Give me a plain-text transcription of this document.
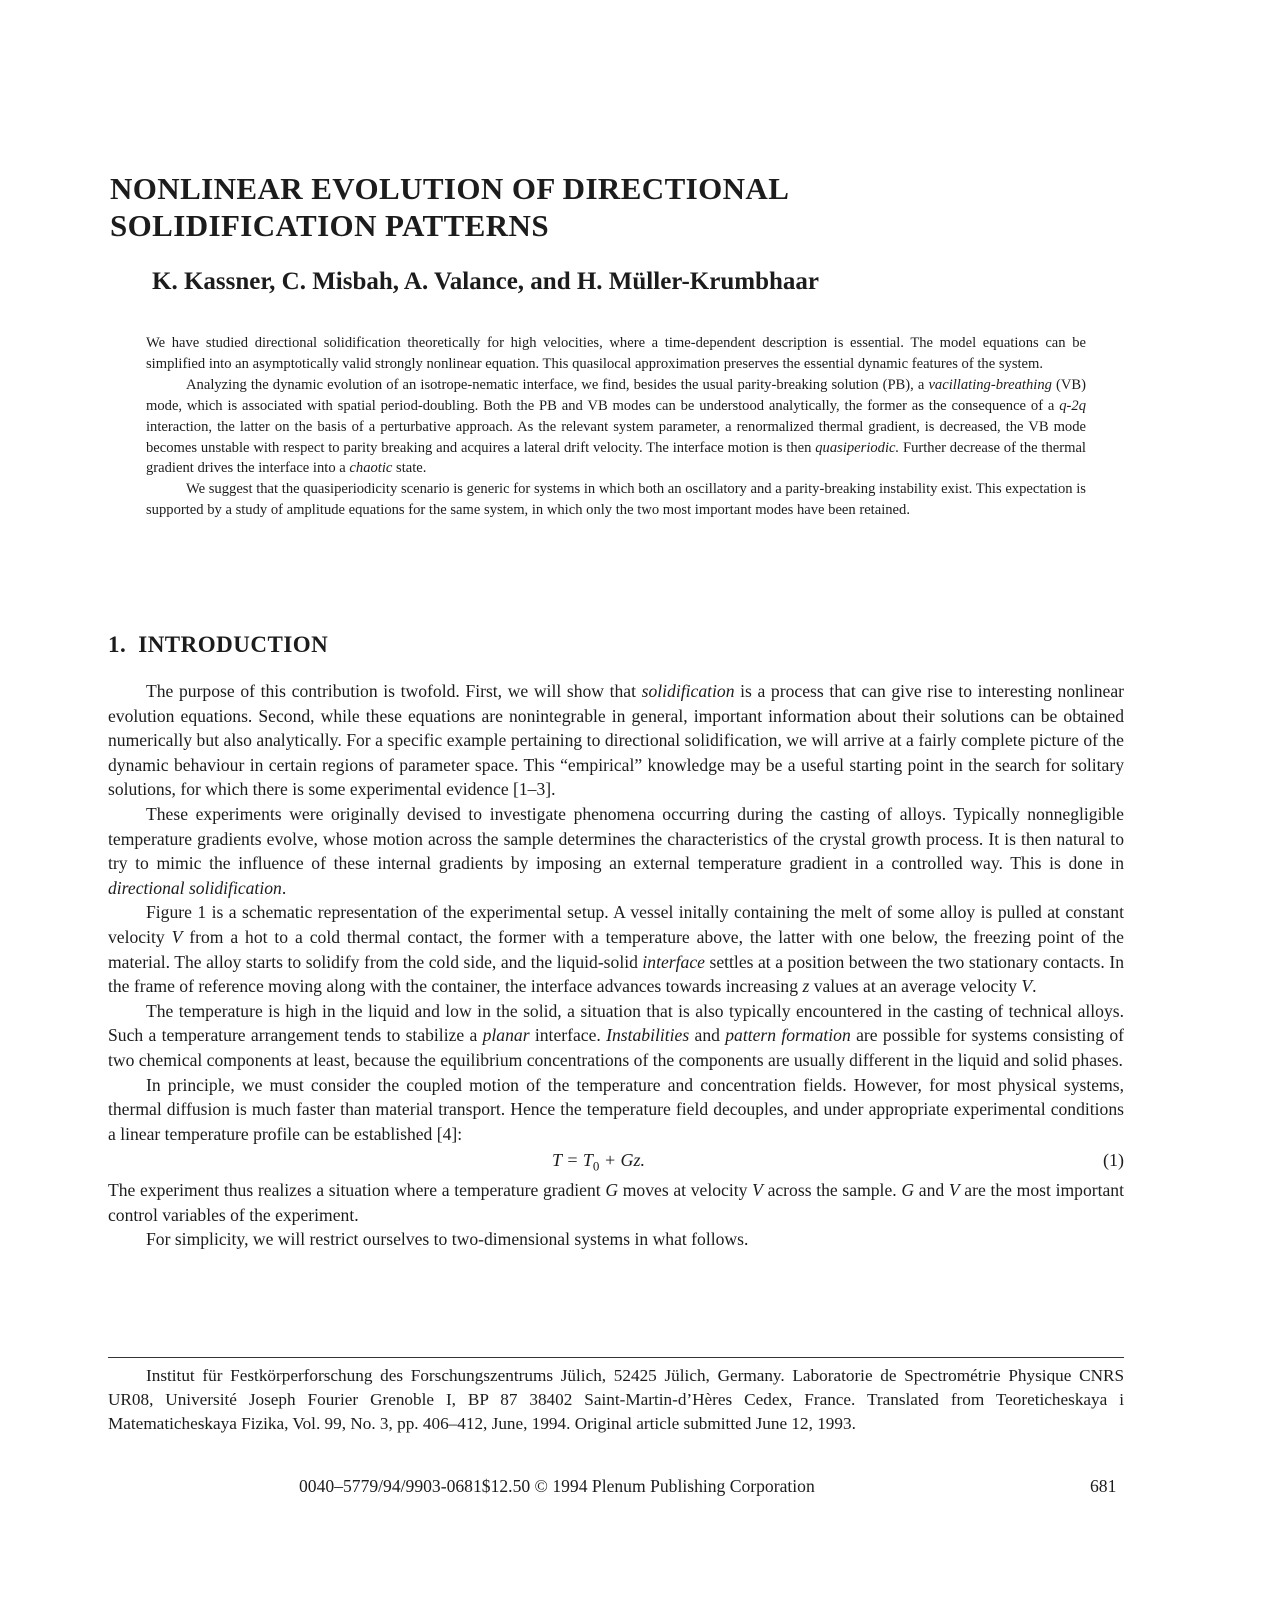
NONLINEAR EVOLUTION OF DIRECTIONAL
SOLIDIFICATION PATTERNS
K. Kassner, C. Misbah, A. Valance, and H. Müller-Krumbhaar

We have studied directional solidification theoretically for high velocities, where a time-dependent description is essential. The model equations can be simplified into an asymptotically valid strongly nonlinear equation. This quasilocal approximation preserves the essential dynamic features of the system.

Analyzing the dynamic evolution of an isotrope-nematic interface, we find, besides the usual parity-breaking solution (PB), a vacillating-breathing (VB) mode, which is associated with spatial period-doubling. Both the PB and VB modes can be understood analytically, the former as the consequence of a q-2q interaction, the latter on the basis of a perturbative approach. As the relevant system parameter, a renormalized thermal gradient, is decreased, the VB mode becomes unstable with respect to parity breaking and acquires a lateral drift velocity. The interface motion is then quasiperiodic. Further decrease of the thermal gradient drives the interface into a chaotic state.

We suggest that the quasiperiodicity scenario is generic for systems in which both an oscillatory and a parity-breaking instability exist. This expectation is supported by a study of amplitude equations for the same system, in which only the two most important modes have been retained.

1. INTRODUCTION

The purpose of this contribution is twofold. First, we will show that solidification is a process that can give rise to interesting nonlinear evolution equations. Second, while these equations are nonintegrable in general, important information about their solutions can be obtained numerically but also analytically. For a specific example pertaining to directional solidification, we will arrive at a fairly complete picture of the dynamic behaviour in certain regions of parameter space. This “empirical” knowledge may be a useful starting point in the search for solitary solutions, for which there is some experimental evidence [1–3].

These experiments were originally devised to investigate phenomena occurring during the casting of alloys. Typically nonnegligible temperature gradients evolve, whose motion across the sample determines the characteristics of the crystal growth process. It is then natural to try to mimic the influence of these internal gradients by imposing an external temperature gradient in a controlled way. This is done in directional solidification.

Figure 1 is a schematic representation of the experimental setup. A vessel initally containing the melt of some alloy is pulled at constant velocity V from a hot to a cold thermal contact, the former with a temperature above, the latter with one below, the freezing point of the material. The alloy starts to solidify from the cold side, and the liquid-solid interface settles at a position between the two stationary contacts. In the frame of reference moving along with the container, the interface advances towards increasing z values at an average velocity V.

The temperature is high in the liquid and low in the solid, a situation that is also typically encountered in the casting of technical alloys. Such a temperature arrangement tends to stabilize a planar interface. Instabilities and pattern formation are possible for systems consisting of two chemical components at least, because the equilibrium concentrations of the components are usually different in the liquid and solid phases.

In principle, we must consider the coupled motion of the temperature and concentration fields. However, for most physical systems, thermal diffusion is much faster than material transport. Hence the temperature field decouples, and under appropriate experimental conditions a linear temperature profile can be established [4]:

$T = T_0 + Gz$.	(1)

The experiment thus realizes a situation where a temperature gradient G moves at velocity V across the sample. G and V are the most important control variables of the experiment.

For simplicity, we will restrict ourselves to two-dimensional systems in what follows.

Institut für Festkörperforschung des Forschungszentrums Jülich, 52425 Jülich, Germany. Laboratorie de Spectrométrie Physique CNRS UR08, Université Joseph Fourier Grenoble I, BP 87 38402 Saint-Martin-d’Hères Cedex, France. Translated from Teoreticheskaya i Matematicheskaya Fizika, Vol. 99, No. 3, pp. 406–412, June, 1994. Original article submitted June 12, 1993.

0040–5779/94/9903-0681$12.50 © 1994 Plenum Publishing Corporation	681
